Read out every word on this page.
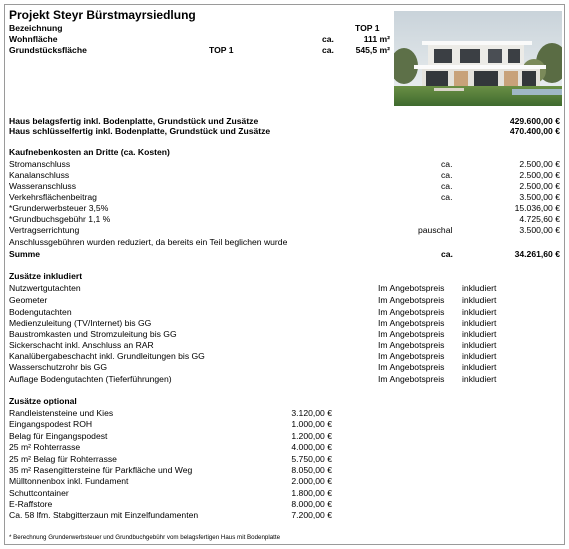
Projekt Steyr Bürstmayrsiedlung
Bezeichnung	TOP 1
Wohnfläche	ca.	111 m²
Grundstücksfläche	TOP 1	ca.	545,5 m²
Haus belagsfertig inkl. Bodenplatte, Grundstück und Zusätze	429.600,00 €
Haus schlüsselfertig inkl. Bodenplatte, Grundstück und Zusätze	470.400,00 €
Kaufnebenkosten an Dritte (ca. Kosten)
Stromanschluss	ca.	2.500,00 €
Kanalanschluss	ca.	2.500,00 €
Wasseranschluss	ca.	2.500,00 €
Verkehrsflächenbeitrag	ca.	3.500,00 €
*Grunderwerbsteuer 3,5%	15.036,00 €
*Grundbuchsgebühr 1,1 %	4.725,60 €
Vertragserrichtung	pauschal	3.500,00 €
Anschlussgebühren wurden reduziert, da bereits ein Teil beglichen wurde
Summe	ca.	34.261,60 €
Zusätze inkludiert
Nutzwertgutachten	Im Angebotspreis inkludiert
Geometer	Im Angebotspreis inkludiert
Bodengutachten	Im Angebotspreis inkludiert
Medienzuleitung (TV/Internet) bis GG	Im Angebotspreis inkludiert
Baustromkasten und Stromzuleitung bis GG	Im Angebotspreis inkludiert
Sickerschacht inkl. Anschluss an RAR	Im Angebotspreis inkludiert
Kanalübergabeschacht inkl. Grundleitungen bis GG	Im Angebotspreis inkludiert
Wasserschutzrohr bis GG	Im Angebotspreis inkludiert
Auflage Bodengutachten (Tieferführungen)	Im Angebotspreis inkludiert
Zusätze optional
Randleistensteine und Kies	3.120,00 €
Eingangspodest ROH	1.000,00 €
Belag für Eingangspodest	1.200,00 €
25 m² Rohterrasse	4.000,00 €
25 m² Belag für Rohterrasse	5.750,00 €
35 m² Rasengittersteine für Parkfläche und Weg	8.050,00 €
Mülltonnenbox inkl. Fundament	2.000,00 €
Schuttcontainer	1.800,00 €
E-Raffstore	8.000,00 €
Ca. 58 lfm. Stabgitterzaun mit Einzelfundamenten	7.200,00 €
* Berechnung Grunderwerbsteuer und Grundbuchgebühr vom belagsfertigen Haus mit Bodenplatte
